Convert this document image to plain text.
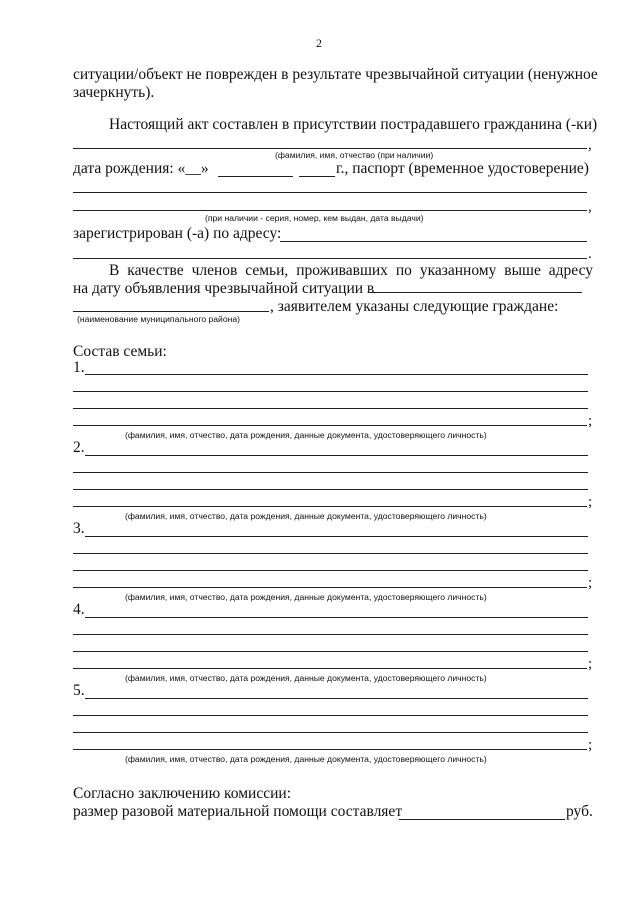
2
ситуации/объект не поврежден в результате чрезвычайной ситуации (ненужное
зачеркнуть).
Настоящий акт составлен в присутствии пострадавшего гражданина (-ки)
,
(фамилия, имя, отчество (при наличии)
дата рождения: «__»	г., паспорт (временное удостоверение)
,
(при наличии - серия, номер, кем выдан, дата выдачи)
зарегистрирован (-а) по адресу:
.
В качестве членов семьи, проживавших по указанному выше адресу
на дату объявления чрезвычайной ситуации в
, заявителем указаны следующие граждане:
(наименование муниципального района)
Состав семьи:
1.
;
(фамилия, имя, отчество, дата рождения, данные документа, удостоверяющего личность)
2.
;
(фамилия, имя, отчество, дата рождения, данные документа, удостоверяющего личность)
3.
;
(фамилия, имя, отчество, дата рождения, данные документа, удостоверяющего личность)
4.
;
(фамилия, имя, отчество, дата рождения, данные документа, удостоверяющего личность)
5.
;
(фамилия, имя, отчество, дата рождения, данные документа, удостоверяющего личность)
Согласно заключению комиссии:
размер разовой материальной помощи составляет	руб.
